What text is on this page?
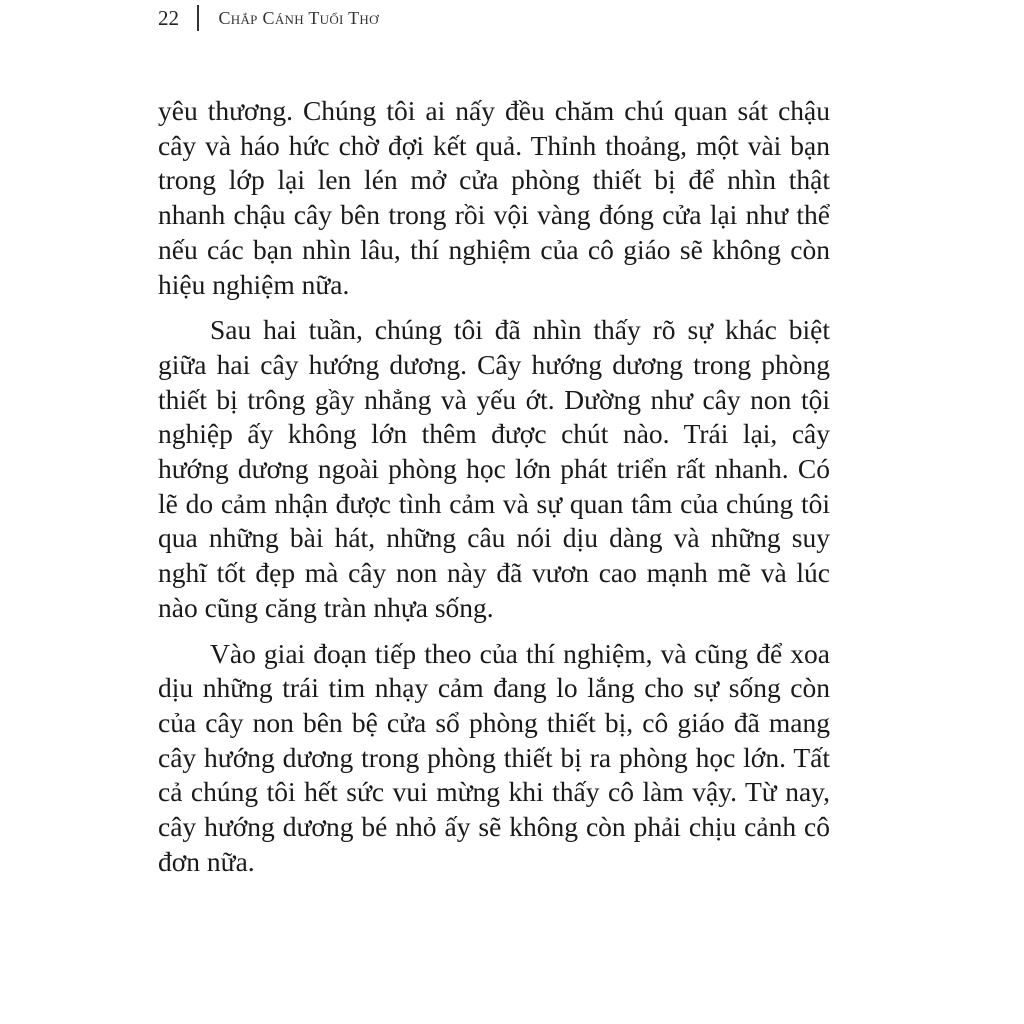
22 Chắp Cánh Tuổi Thơ

yêu thương. Chúng tôi ai nấy đều chăm chú quan sát chậu cây và háo hức chờ đợi kết quả. Thỉnh thoảng, một vài bạn trong lớp lại len lén mở cửa phòng thiết bị để nhìn thật nhanh chậu cây bên trong rồi vội vàng đóng cửa lại như thể nếu các bạn nhìn lâu, thí nghiệm của cô giáo sẽ không còn hiệu nghiệm nữa.

Sau hai tuần, chúng tôi đã nhìn thấy rõ sự khác biệt giữa hai cây hướng dương. Cây hướng dương trong phòng thiết bị trông gầy nhẳng và yếu ớt. Dường như cây non tội nghiệp ấy không lớn thêm được chút nào. Trái lại, cây hướng dương ngoài phòng học lớn phát triển rất nhanh. Có lẽ do cảm nhận được tình cảm và sự quan tâm của chúng tôi qua những bài hát, những câu nói dịu dàng và những suy nghĩ tốt đẹp mà cây non này đã vươn cao mạnh mẽ và lúc nào cũng căng tràn nhựa sống.

Vào giai đoạn tiếp theo của thí nghiệm, và cũng để xoa dịu những trái tim nhạy cảm đang lo lắng cho sự sống còn của cây non bên bệ cửa sổ phòng thiết bị, cô giáo đã mang cây hướng dương trong phòng thiết bị ra phòng học lớn. Tất cả chúng tôi hết sức vui mừng khi thấy cô làm vậy. Từ nay, cây hướng dương bé nhỏ ấy sẽ không còn phải chịu cảnh cô đơn nữa.
